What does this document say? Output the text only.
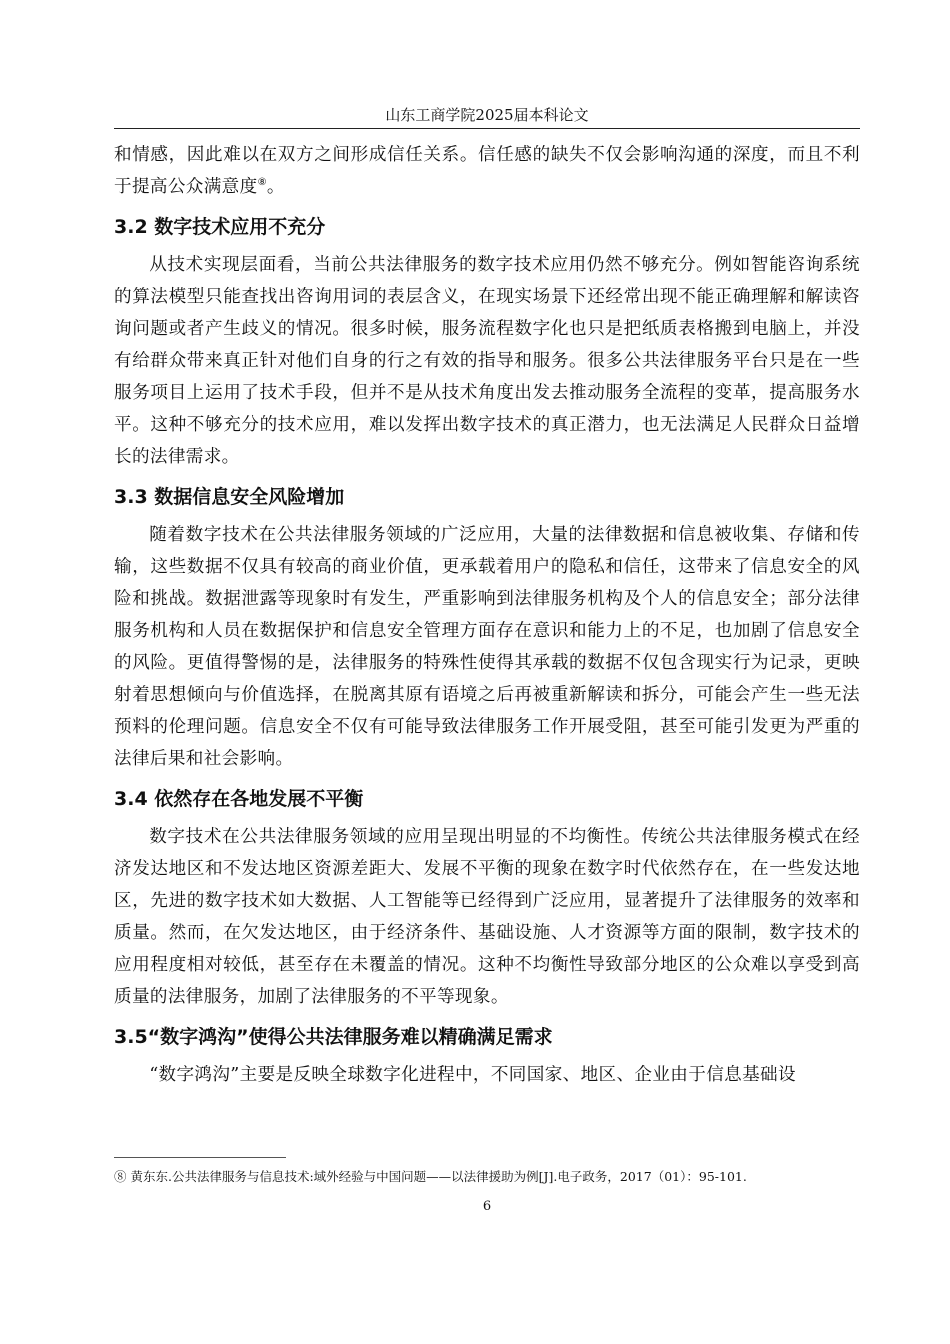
山东工商学院2025届本科论文

和情感，因此难以在双方之间形成信任关系。信任感的缺失不仅会影响沟通的深度，而且不利于提高公众满意度⑧。

3.2 数字技术应用不充分

从技术实现层面看，当前公共法律服务的数字技术应用仍然不够充分。例如智能咨询系统的算法模型只能查找出咨询用词的表层含义，在现实场景下还经常出现不能正确理解和解读咨询问题或者产生歧义的情况。很多时候，服务流程数字化也只是把纸质表格搬到电脑上，并没有给群众带来真正针对他们自身的行之有效的指导和服务。很多公共法律服务平台只是在一些服务项目上运用了技术手段，但并不是从技术角度出发去推动服务全流程的变革，提高服务水平。这种不够充分的技术应用，难以发挥出数字技术的真正潜力，也无法满足人民群众日益增长的法律需求。

3.3 数据信息安全风险增加

随着数字技术在公共法律服务领域的广泛应用，大量的法律数据和信息被收集、存储和传输，这些数据不仅具有较高的商业价值，更承载着用户的隐私和信任，这带来了信息安全的风险和挑战。数据泄露等现象时有发生，严重影响到法律服务机构及个人的信息安全；部分法律服务机构和人员在数据保护和信息安全管理方面存在意识和能力上的不足，也加剧了信息安全的风险。更值得警惕的是，法律服务的特殊性使得其承载的数据不仅包含现实行为记录，更映射着思想倾向与价值选择，在脱离其原有语境之后再被重新解读和拆分，可能会产生一些无法预料的伦理问题。信息安全不仅有可能导致法律服务工作开展受阻，甚至可能引发更为严重的法律后果和社会影响。

3.4 依然存在各地发展不平衡

数字技术在公共法律服务领域的应用呈现出明显的不均衡性。传统公共法律服务模式在经济发达地区和不发达地区资源差距大、发展不平衡的现象在数字时代依然存在，在一些发达地区，先进的数字技术如大数据、人工智能等已经得到广泛应用，显著提升了法律服务的效率和质量。然而，在欠发达地区，由于经济条件、基础设施、人才资源等方面的限制，数字技术的应用程度相对较低，甚至存在未覆盖的情况。这种不均衡性导致部分地区的公众难以享受到高质量的法律服务，加剧了法律服务的不平等现象。

3.5“数字鸿沟”使得公共法律服务难以精确满足需求

“数字鸿沟”主要是反映全球数字化进程中，不同国家、地区、企业由于信息基础设

⑧ 黄东东.公共法律服务与信息技术:域外经验与中国问题——以法律援助为例[J].电子政务，2017（01）：95-101.
6
